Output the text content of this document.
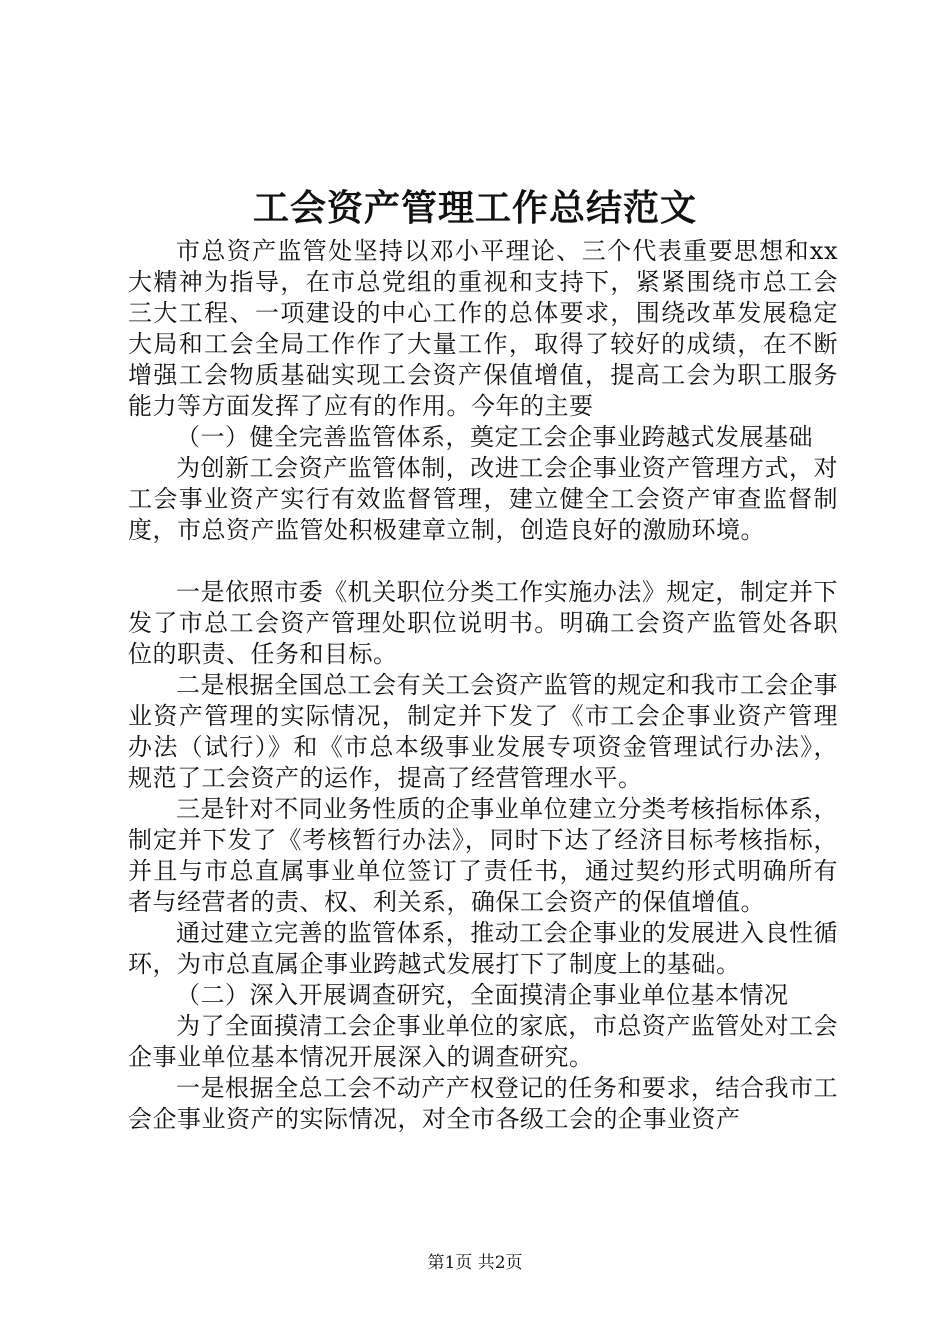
工会资产管理工作总结范文

市总资产监管处坚持以邓小平理论、三个代表重要思想和xx大精神为指导，在市总党组的重视和支持下，紧紧围绕市总工会三大工程、一项建设的中心工作的总体要求，围绕改革发展稳定大局和工会全局工作作了大量工作，取得了较好的成绩，在不断增强工会物质基础实现工会资产保值增值，提高工会为职工服务能力等方面发挥了应有的作用。今年的主要

（一）健全完善监管体系，奠定工会企事业跨越式发展基础

为创新工会资产监管体制，改进工会企事业资产管理方式，对工会事业资产实行有效监督管理，建立健全工会资产审查监督制度，市总资产监管处积极建章立制，创造良好的激励环境。

一是依照市委《机关职位分类工作实施办法》规定，制定并下发了市总工会资产管理处职位说明书。明确工会资产监管处各职位的职责、任务和目标。

二是根据全国总工会有关工会资产监管的规定和我市工会企事业资产管理的实际情况，制定并下发了《市工会企事业资产管理办法（试行）》和《市总本级事业发展专项资金管理试行办法》，规范了工会资产的运作，提高了经营管理水平。

三是针对不同业务性质的企事业单位建立分类考核指标体系，制定并下发了《考核暂行办法》，同时下达了经济目标考核指标，并且与市总直属事业单位签订了责任书，通过契约形式明确所有者与经营者的责、权、利关系，确保工会资产的保值增值。

通过建立完善的监管体系，推动工会企事业的发展进入良性循环，为市总直属企事业跨越式发展打下了制度上的基础。

（二）深入开展调查研究，全面摸清企事业单位基本情况

为了全面摸清工会企事业单位的家底，市总资产监管处对工会企事业单位基本情况开展深入的调查研究。

一是根据全总工会不动产产权登记的任务和要求，结合我市工会企事业资产的实际情况，对全市各级工会的企事业资产

第1页 共2页
